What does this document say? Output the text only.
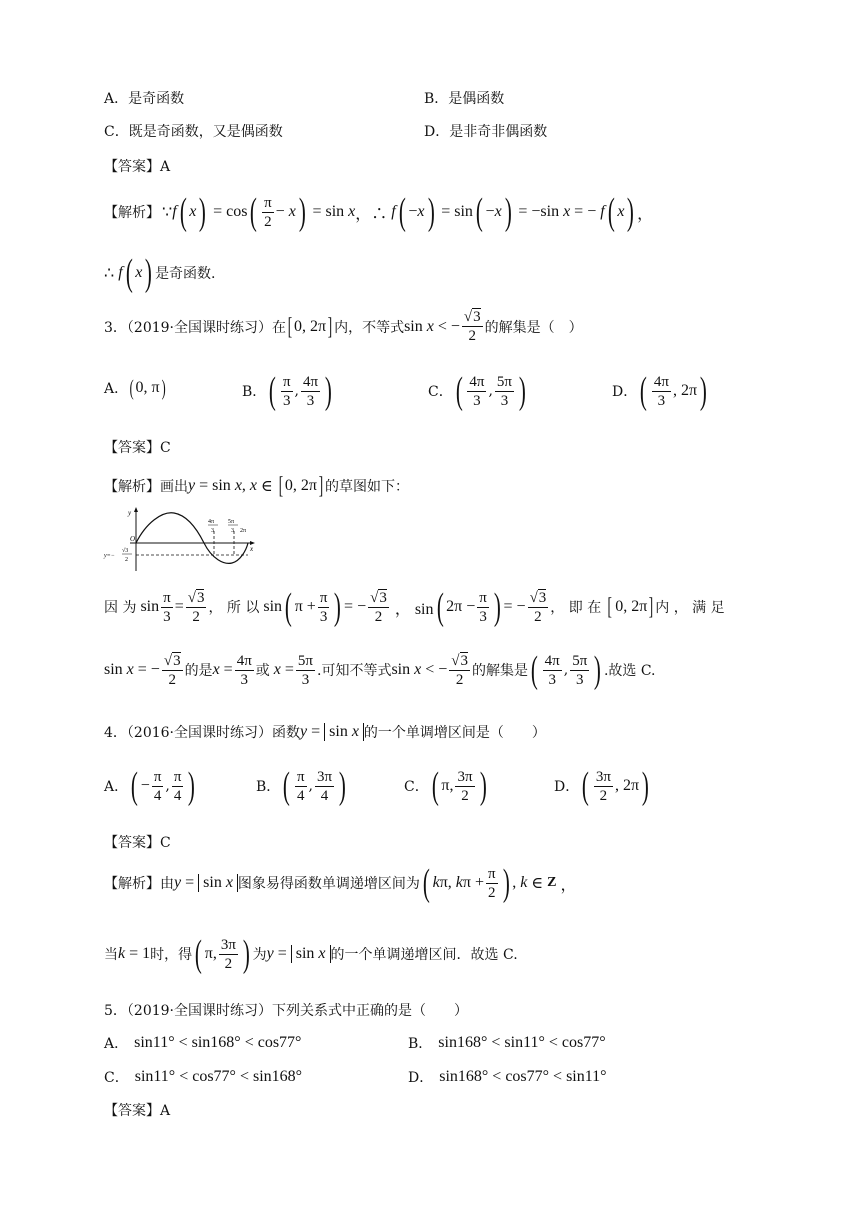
A．是奇函数	B．是偶函数
C．既是奇函数，又是偶函数	D．是非奇非偶函数
【答案】A
【解析】 ∵ f ( x ) = cos ( $\frac{\pi}{2} - x$ ) = sin x ，∴ f ( − x ) = sin ( − x ) = −sin x = − f ( x ) ，
∴ f ( x ) 是奇函数.
3．（2019·全国课时练习）在 [ 0, 2π ] 内，不等式 sin x < − $\frac{√3}{2}$ 的解集是（　）
A． ( 0, π )	B． ( $\frac{\pi}{3}$ , $\frac{4\pi}{3}$ )	C． ( $\frac{4\pi}{3}$ , $\frac{5\pi}{3}$ )	D． ( $\frac{4\pi}{3}$ , 2π )
【答案】C
【解析】画出 y = sin x , x ∈ [ 0, 2π ] 的草图如下：
y
O
4π
3
5π
3 2π
x
y=−
√3
2
因 为 $\sin \frac{\pi}{3} = \frac{√3}{2}$ ， 所 以 sin ( $\pi + \frac{\pi}{3}$ ) = − $\frac{√3}{2}$ ， sin ( $2\pi - \frac{\pi}{3}$ ) = − $\frac{√3}{2}$ ， 即 在 [ 0, 2π ] 内 ， 满 足
sin x = − $\frac{√3}{2}$ 的是 $x = \frac{4\pi}{3}$ 或 $x = \frac{5\pi}{3}$ .可知不等式 sin x < − $\frac{√3}{2}$ 的解集是 ( $\frac{4\pi}{3}$ , $\frac{5\pi}{3}$ ) .故选 C.
4．（2016·全国课时练习）函数 y = sin x 的一个单调增区间是（　　）
A． ( − $\frac{\pi}{4}$ , $\frac{\pi}{4}$ )	B． ( $\frac{\pi}{4}$ , $\frac{3\pi}{4}$ )	C． ( π, $\frac{3\pi}{2}$ )	D． ( $\frac{3\pi}{2}$ , 2π )
【答案】C
【解析】由 y = sin x 图象易得函数单调递增区间为 ( k π, k $\pi + \frac{\pi}{2}$ ) , k ∈ Z ，
当 k = 1 时，得 ( π, $\frac{3\pi}{2}$ ) 为 y = sin x 的一个单调递增区间．故选 C.
5．（2019·全国课时练习）下列关系式中正确的是（　　）
A． sin11° < sin168° < cos77°	B． sin168° < sin11° < cos77°
C． sin11° < cos77° < sin168°	D． sin168° < cos77° < sin11°
【答案】A
